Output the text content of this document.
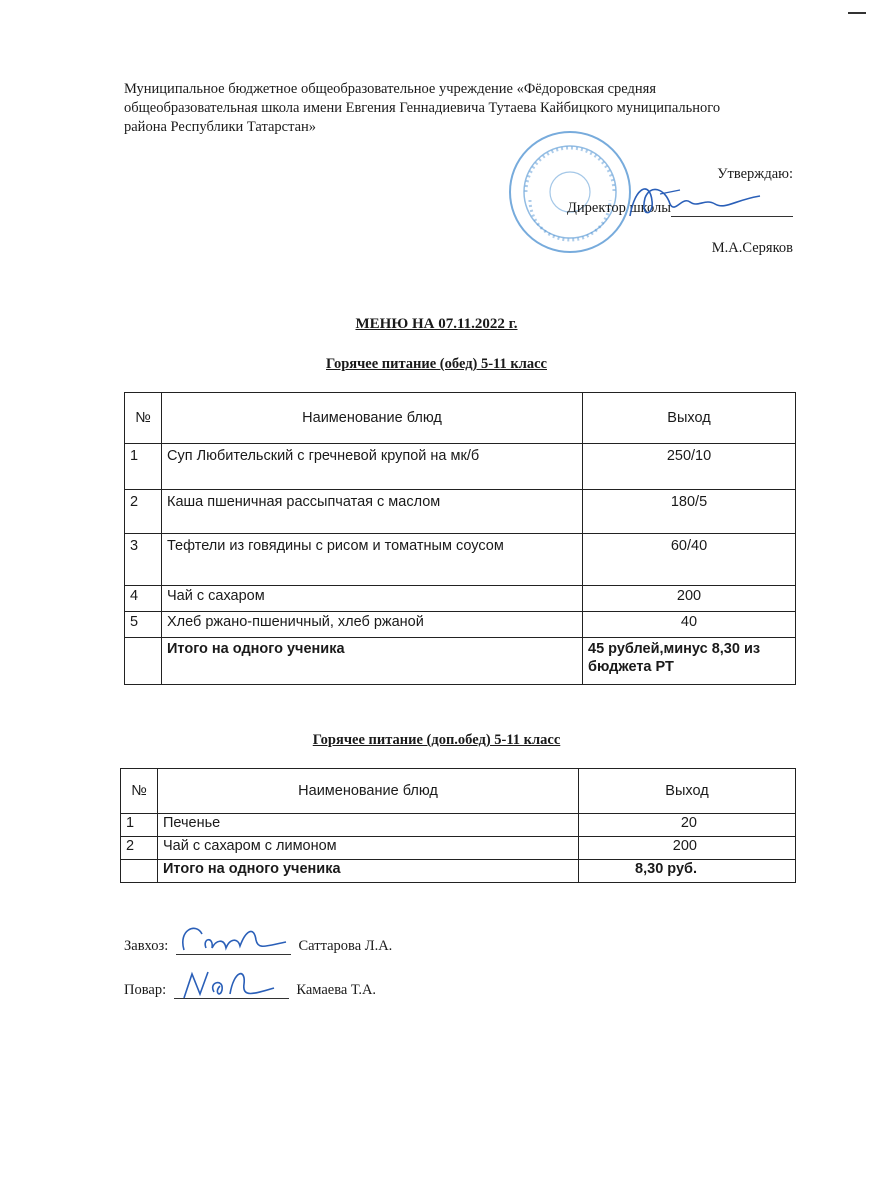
Муниципальное бюджетное общеобразовательное учреждение «Фёдоровская средняя общеобразовательная школа имени Евгения Геннадиевича Тутаева Кайбицкого муниципального района Республики Татарстан»
Утверждаю:
Директор школы
М.А.Серяков
МЕНЮ НА 07.11.2022 г.
Горячее питание (обед) 5-11 класс
№	Наименование блюд	Выход
1	Суп Любительский с гречневой крупой на мк/б	250/10
2	Каша пшеничная рассыпчатая с маслом	180/5
3	Тефтели из говядины с рисом и томатным соусом	60/40
4	Чай с сахаром	200
5	Хлеб ржано-пшеничный, хлеб ржаной	40
	Итого на одного ученика	45 рублей,минус 8,30 из бюджета РТ
Горячее питание (доп.обед) 5-11 класс
№	Наименование блюд	Выход
1	Печенье	20
2	Чай с сахаром с лимоном	200
	Итого на одного ученика	8,30 руб.
Завхоз:	Саттарова Л.А.
Повар:	Камаева Т.А.
